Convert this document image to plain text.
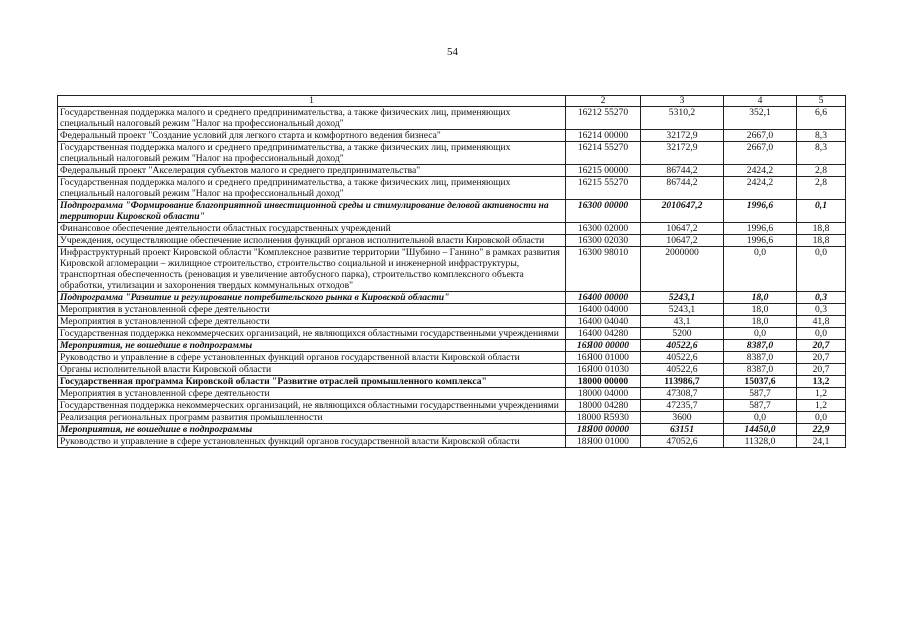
54
1	2	3	4	5
Государственная поддержка малого и среднего предпринимательства, а также физических лиц, применяющих специальный налоговый режим "Налог на профессиональный доход"	16212 55270	5310,2	352,1	6,6
Федеральный проект "Создание условий для легкого старта и комфортного ведения бизнеса"	16214 00000	32172,9	2667,0	8,3
Государственная поддержка малого и среднего предпринимательства, а также физических лиц, применяющих специальный налоговый режим "Налог на профессиональный доход"	16214 55270	32172,9	2667,0	8,3
Федеральный проект "Акселерация субъектов малого и среднего предпринимательства"	16215 00000	86744,2	2424,2	2,8
Государственная поддержка малого и среднего предпринимательства, а также физических лиц, применяющих специальный налоговый режим "Налог на профессиональный доход"	16215 55270	86744,2	2424,2	2,8
Подпрограмма "Формирование благоприятной инвестиционной среды и стимулирование деловой активности на территории Кировской области"	16300 00000	2010647,2	1996,6	0,1
Финансовое обеспечение деятельности областных государственных учреждений	16300 02000	10647,2	1996,6	18,8
Учреждения, осуществляющие обеспечение исполнения функций органов исполнительной власти Кировской области	16300 02030	10647,2	1996,6	18,8
Инфраструктурный проект Кировской области "Комплексное развитие территории "Шубино – Ганино" в рамках развития Кировской агломерации – жилищное строительство, строительство социальной и инженерной инфраструктуры, транспортная обеспеченность (реновация и увеличение автобусного парка), строительство комплексного объекта обработки, утилизации и захоронения твердых коммунальных отходов"	16300 98010	2000000	0,0	0,0
Подпрограмма "Развитие и регулирование потребительского рынка в Кировской области"	16400 00000	5243,1	18,0	0,3
Мероприятия в установленной сфере деятельности	16400 04000	5243,1	18,0	0,3
Мероприятия в установленной сфере деятельности	16400 04040	43,1	18,0	41,8
Государственная поддержка некоммерческих организаций, не являющихся областными государственными учреждениями	16400 04280	5200	0,0	0,0
Мероприятия, не вошедшие в подпрограммы	16Я00 00000	40522,6	8387,0	20,7
Руководство и управление в сфере установленных функций органов государственной власти Кировской области	16Я00 01000	40522,6	8387,0	20,7
Органы исполнительной власти Кировской области	16Я00 01030	40522,6	8387,0	20,7
Государственная программа Кировской области "Развитие отраслей промышленного комплекса"	18000 00000	113986,7	15037,6	13,2
Мероприятия в установленной сфере деятельности	18000 04000	47308,7	587,7	1,2
Государственная поддержка некоммерческих организаций, не являющихся областными государственными учреждениями	18000 04280	47235,7	587,7	1,2
Реализация региональных программ развития промышленности	18000 R5930	3600	0,0	0,0
Мероприятия, не вошедшие в подпрограммы	18Я00 00000	63151	14450,0	22,9
Руководство и управление в сфере установленных функций органов государственной власти Кировской области	18Я00 01000	47052,6	11328,0	24,1
